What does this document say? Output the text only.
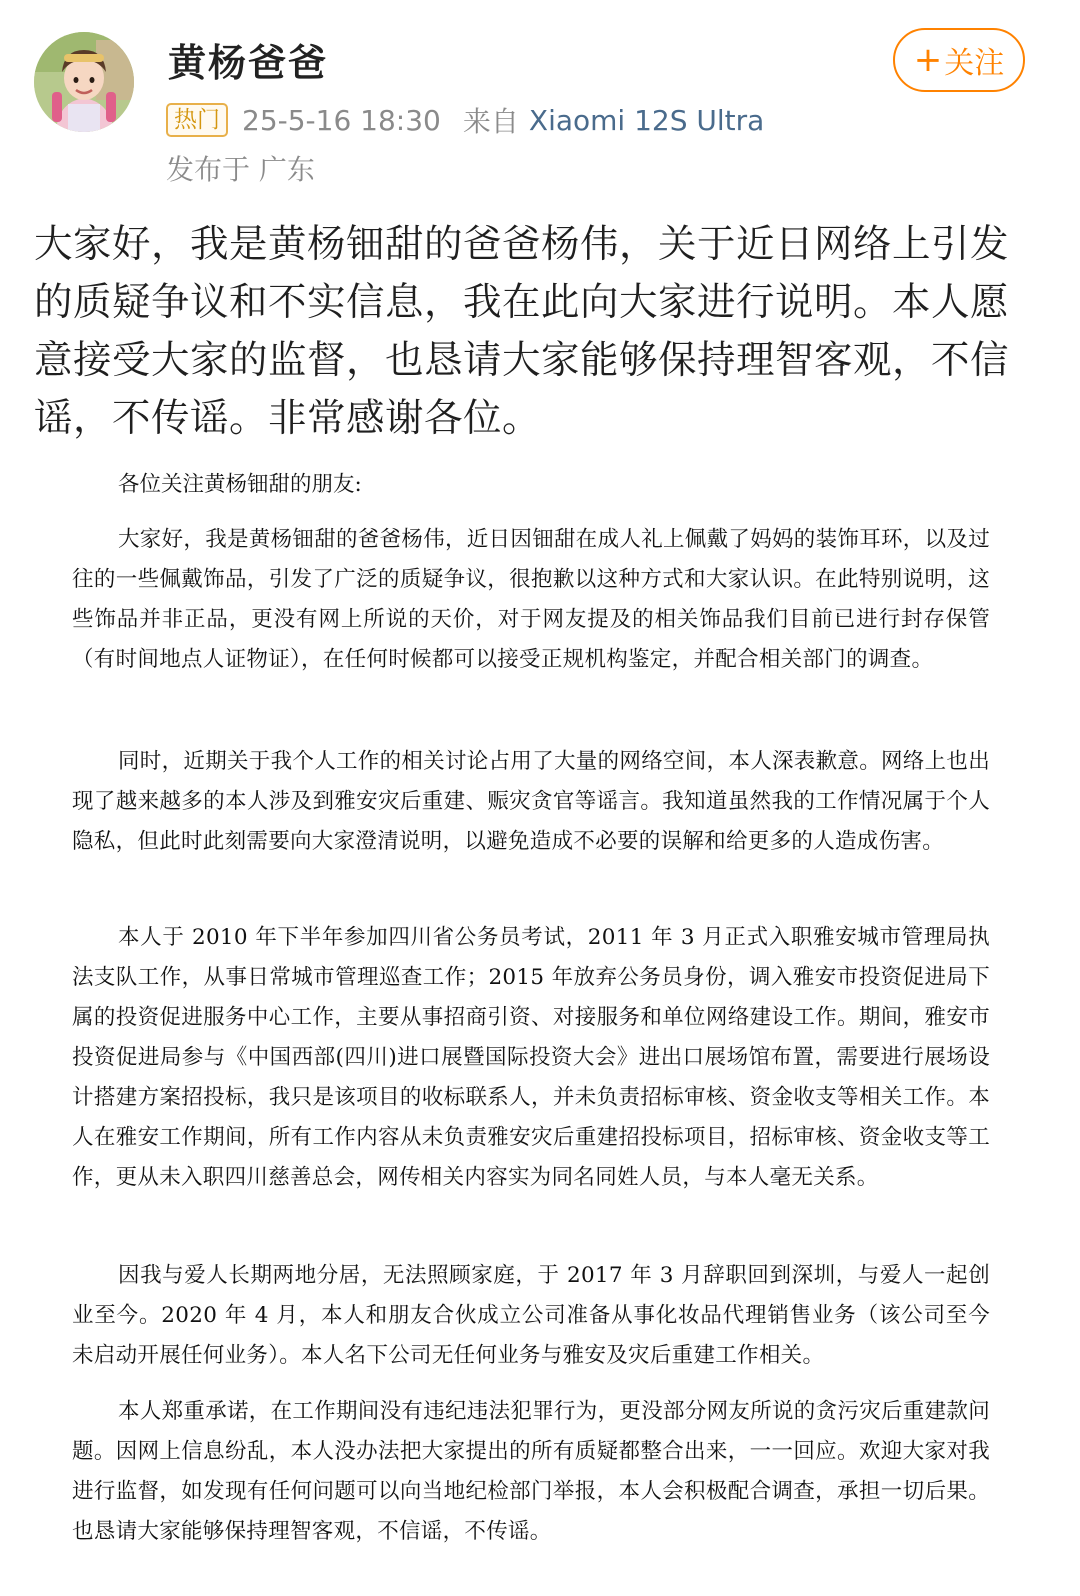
黄杨爸爸	+ 关注
热门 25-5-16 18:30 来自 Xiaomi 12S Ultra
发布于 广东
大家好，我是黄杨钿甜的爸爸杨伟，关于近日网络上引发的质疑争议和不实信息，我在此向大家进行说明。本人愿意接受大家的监督，也恳请大家能够保持理智客观，不信谣，不传谣。非常感谢各位。
各位关注黄杨钿甜的朋友:
大家好，我是黄杨钿甜的爸爸杨伟，近日因钿甜在成人礼上佩戴了妈妈的装饰耳环，以及过往的一些佩戴饰品，引发了广泛的质疑争议，很抱歉以这种方式和大家认识。在此特别说明，这些饰品并非正品，更没有网上所说的天价，对于网友提及的相关饰品我们目前已进行封存保管（有时间地点人证物证），在任何时候都可以接受正规机构鉴定，并配合相关部门的调查。
同时，近期关于我个人工作的相关讨论占用了大量的网络空间，本人深表歉意。网络上也出现了越来越多的本人涉及到雅安灾后重建、赈灾贪官等谣言。我知道虽然我的工作情况属于个人隐私，但此时此刻需要向大家澄清说明，以避免造成不必要的误解和给更多的人造成伤害。
本人于 2010 年下半年参加四川省公务员考试，2011 年 3 月正式入职雅安城市管理局执法支队工作，从事日常城市管理巡查工作；2015 年放弃公务员身份，调入雅安市投资促进局下属的投资促进服务中心工作，主要从事招商引资、对接服务和单位网络建设工作。期间，雅安市投资促进局参与《中国西部(四川)进口展暨国际投资大会》进出口展场馆布置，需要进行展场设计搭建方案招投标，我只是该项目的收标联系人，并未负责招标审核、资金收支等相关工作。本人在雅安工作期间，所有工作内容从未负责雅安灾后重建招投标项目，招标审核、资金收支等工作，更从未入职四川慈善总会，网传相关内容实为同名同姓人员，与本人毫无关系。
因我与爱人长期两地分居，无法照顾家庭，于 2017 年 3 月辞职回到深圳，与爱人一起创业至今。2020 年 4 月，本人和朋友合伙成立公司准备从事化妆品代理销售业务（该公司至今未启动开展任何业务）。本人名下公司无任何业务与雅安及灾后重建工作相关。
本人郑重承诺，在工作期间没有违纪违法犯罪行为，更没部分网友所说的贪污灾后重建款问题。因网上信息纷乱，本人没办法把大家提出的所有质疑都整合出来，一一回应。欢迎大家对我进行监督，如发现有任何问题可以向当地纪检部门举报，本人会积极配合调查，承担一切后果。也恳请大家能够保持理智客观，不信谣，不传谣。
